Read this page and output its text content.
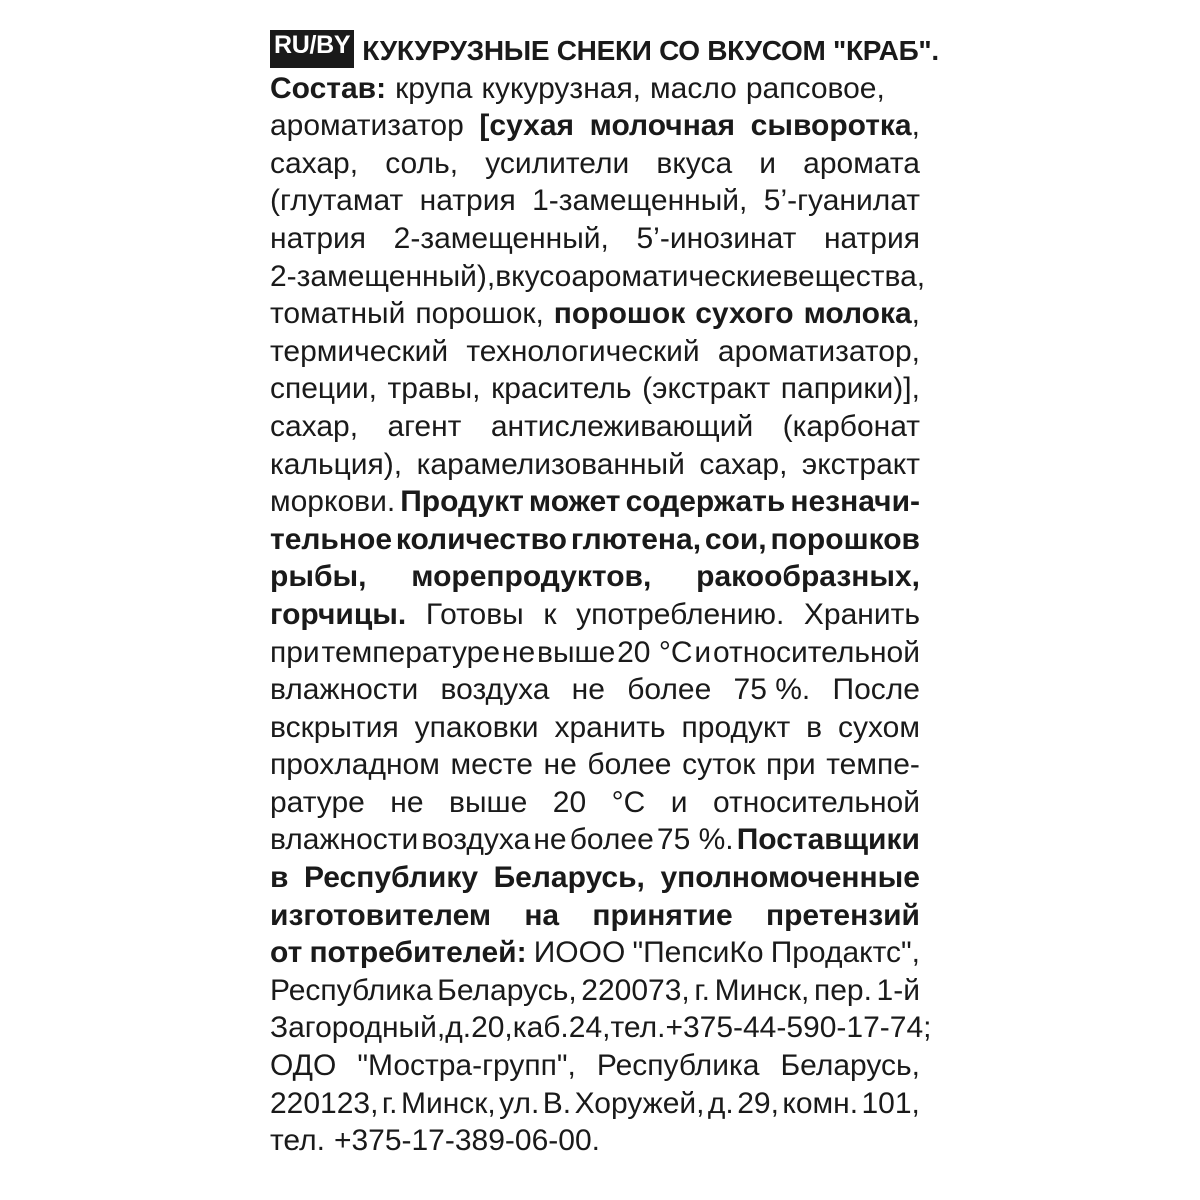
RU/BY КУКУРУЗНЫЕ СНЕКИ СО ВКУСОМ "КРАБ".
Состав: крупа кукурузная, масло рапсовое,
ароматизатор [сухая молочная сыворотка,
сахар, соль, усилители вкуса и аромата
(глутамат натрия 1-замещенный, 5’-гуанилат
натрия 2-замещенный, 5’-инозинат натрия
2-замещенный), вкусоароматические вещества,
томатный порошок, порошок сухого молока,
термический технологический ароматизатор,
специи, травы, краситель (экстракт паприки)],
сахар, агент антислеживающий (карбонат
кальция), карамелизованный сахар, экстракт
моркови. Продукт может содержать незначи-
тельное количество глютена, сои, порошков
рыбы, морепродуктов, ракообразных,
горчицы. Готовы к употреблению. Хранить
при температуре не выше 20 °С и относительной
влажности воздуха не более 75 %. После
вскрытия упаковки хранить продукт в сухом
прохладном месте не более суток при темпе-
ратуре не выше 20 °С и относительной
влажности воздуха не более 75 %. Поставщики
в Республику Беларусь, уполномоченные
изготовителем на принятие претензий
от потребителей: ИООО "ПепсиКо Продактс",
Республика Беларусь, 220073, г. Минск, пер. 1-й
Загородный, д. 20, каб. 24, тел. +375-44-590-17-74;
ОДО "Мостра-групп", Республика Беларусь,
220123, г. Минск, ул. В. Хоружей, д. 29, комн. 101,
тел. +375-17-389-06-00.
